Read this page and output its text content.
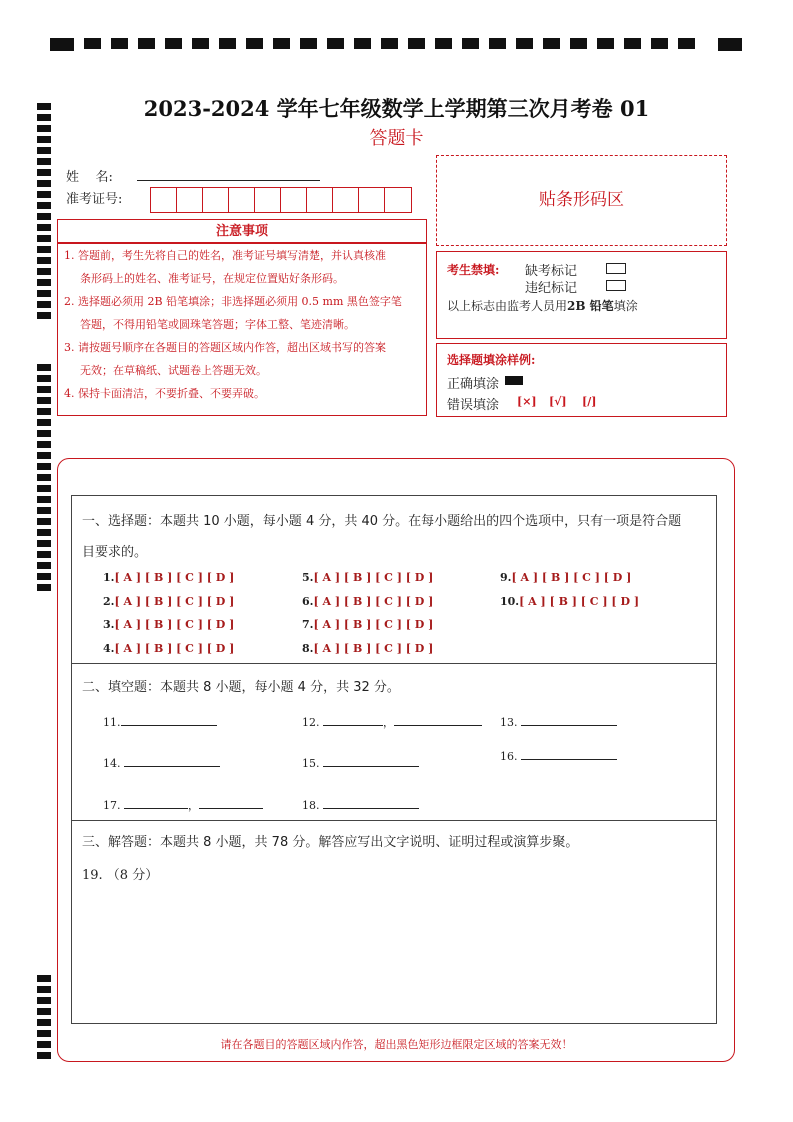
2023-2024 学年七年级数学上学期第三次月考卷 01
答题卡
姓    名:
准考证号:
注意事项

1. 答题前，考生先将自己的姓名，准考证号填写清楚，并认真核准

条形码上的姓名、准考证号，在规定位置贴好条形码。

2. 选择题必须用 2B 铅笔填涂；非选择题必须用 0.5 mm 黑色签字笔

答题，不得用铅笔或圆珠笔答题；字体工整、笔迹清晰。

3. 请按题号顺序在各题目的答题区域内作答，超出区域书写的答案

无效；在草稿纸、试题卷上答题无效。

4. 保持卡面清洁，不要折叠、不要弄破。

贴条形码区
考生禁填: 缺考标记
违纪标记
以上标志由监考人员用2B 铅笔填涂
选择题填涂样例:
正确填涂
错误填涂 [×] [√] [/]
一、选择题：本题共 10 小题，每小题 4 分，共 40 分。在每小题给出的四个选项中，只有一项是符合题
目要求的。
1.[ A ] [ B ] [ C ] [ D ]
2.[ A ] [ B ] [ C ] [ D ]
3.[ A ] [ B ] [ C ] [ D ]
4.[ A ] [ B ] [ C ] [ D ]
5.[ A ] [ B ] [ C ] [ D ]
6.[ A ] [ B ] [ C ] [ D ]
7.[ A ] [ B ] [ C ] [ D ]
8.[ A ] [ B ] [ C ] [ D ]
9.[ A ] [ B ] [ C ] [ D ]
10.[ A ] [ B ] [ C ] [ D ]
二、填空题：本题共 8 小题，每小题 4 分，共 32 分。
11.	12.	，	13.
14.	15.
16.
17.	，	18.
三、解答题：本题共 8 小题，共 78 分。解答应写出文字说明、证明过程或演算步聚。
19. （8 分）
请在各题目的答题区域内作答，超出黑色矩形边框限定区域的答案无效！
